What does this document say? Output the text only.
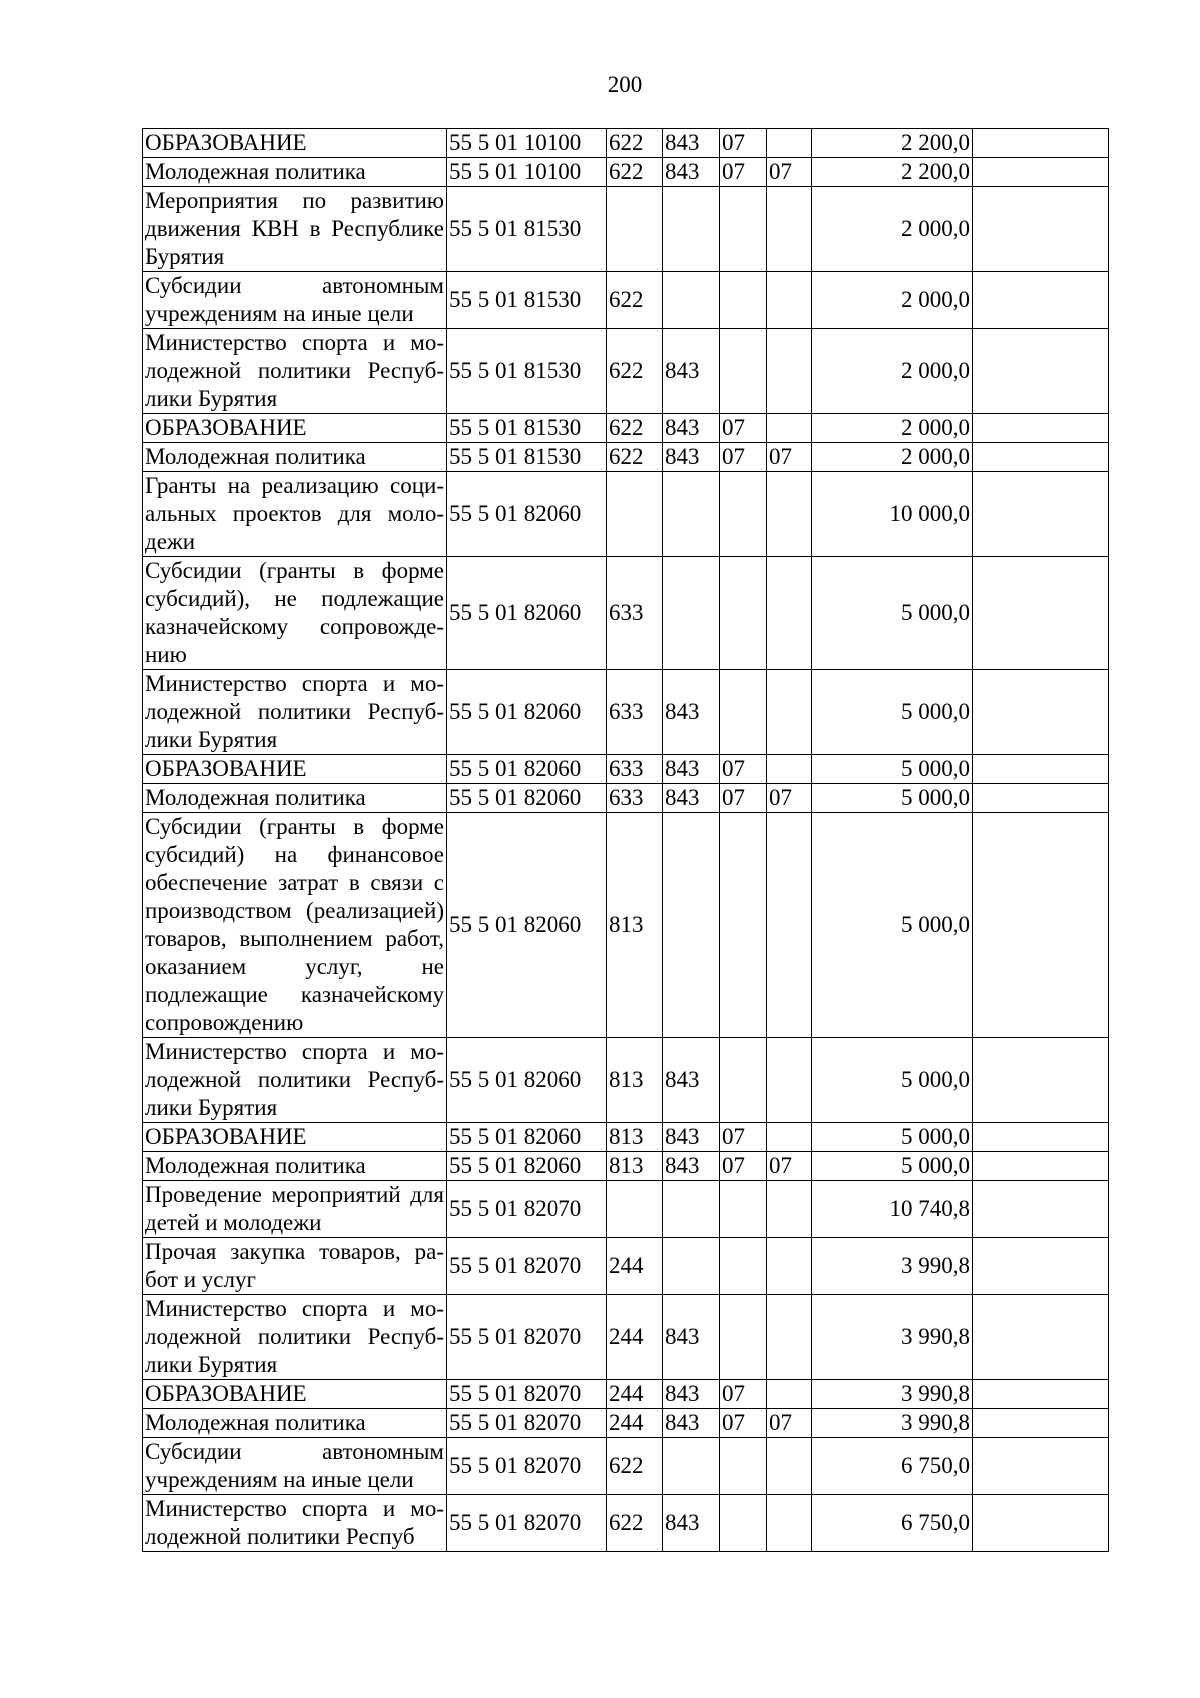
200
ОБРАЗОВАНИЕ	55 5 01 10100	622	843	07		2 200,0	
Молодежная политика	55 5 01 10100	622	843	07	07	2 200,0	
Мероприятия по развитию движения КВН в Республике Бурятия	55 5 01 81530					2 000,0	
Субсидии автономным учреждениям на иные цели	55 5 01 81530	622				2 000,0	
Министерство спорта и молодежной политики Республики Бурятия	55 5 01 81530	622	843			2 000,0	
ОБРАЗОВАНИЕ	55 5 01 81530	622	843	07		2 000,0	
Молодежная политика	55 5 01 81530	622	843	07	07	2 000,0	
Гранты на реализацию социальных проектов для молодежи	55 5 01 82060					10 000,0	
Субсидии (гранты в форме субсидий), не подлежащие казначейскому сопровождению	55 5 01 82060	633				5 000,0	
Министерство спорта и молодежной политики Республики Бурятия	55 5 01 82060	633	843			5 000,0	
ОБРАЗОВАНИЕ	55 5 01 82060	633	843	07		5 000,0	
Молодежная политика	55 5 01 82060	633	843	07	07	5 000,0	
Субсидии (гранты в форме субсидий) на финансовое обеспечение затрат в связи с производством (реализацией) товаров, выполнением работ, оказанием услуг, не подлежащие казначейскому сопровождению	55 5 01 82060	813				5 000,0	
Министерство спорта и молодежной политики Республики Бурятия	55 5 01 82060	813	843			5 000,0	
ОБРАЗОВАНИЕ	55 5 01 82060	813	843	07		5 000,0	
Молодежная политика	55 5 01 82060	813	843	07	07	5 000,0	
Проведение мероприятий для детей и молодежи	55 5 01 82070					10 740,8	
Прочая закупка товаров, работ и услуг	55 5 01 82070	244				3 990,8	
Министерство спорта и молодежной политики Республики Бурятия	55 5 01 82070	244	843			3 990,8	
ОБРАЗОВАНИЕ	55 5 01 82070	244	843	07		3 990,8	
Молодежная политика	55 5 01 82070	244	843	07	07	3 990,8	
Субсидии автономным учреждениям на иные цели	55 5 01 82070	622				6 750,0	
Министерство спорта и молодежной политики Респуб	55 5 01 82070	622	843			6 750,0	
